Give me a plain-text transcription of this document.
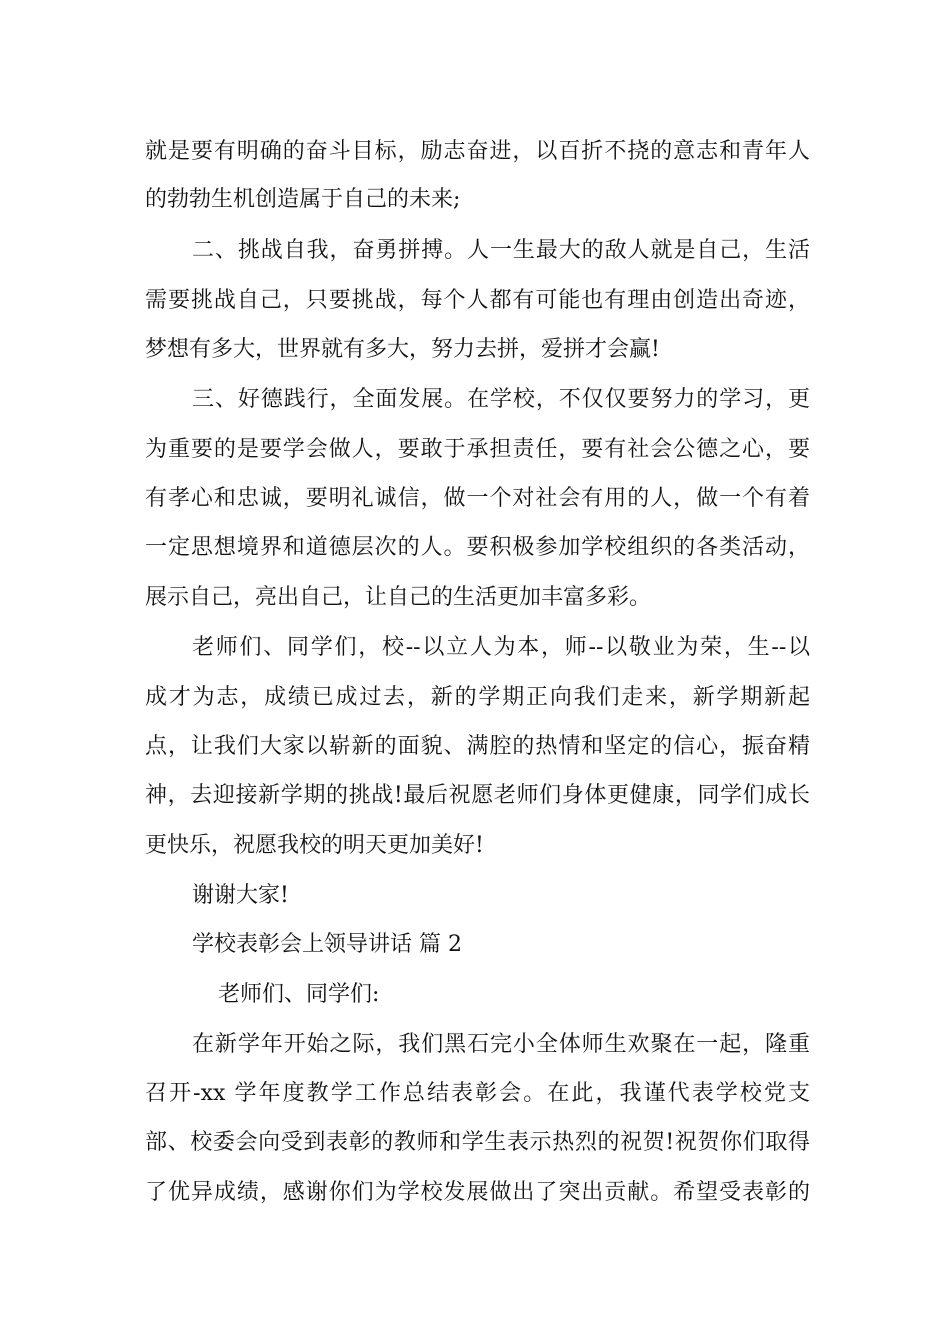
就是要有明确的奋斗目标，励志奋进，以百折不挠的意志和青年人
的勃勃生机创造属于自己的未来;
二、挑战自我，奋勇拼搏。人一生最大的敌人就是自己，生活
需要挑战自己，只要挑战，每个人都有可能也有理由创造出奇迹，
梦想有多大，世界就有多大，努力去拼，爱拼才会赢!
三、好德践行，全面发展。在学校，不仅仅要努力的学习，更
为重要的是要学会做人，要敢于承担责任，要有社会公德之心，要
有孝心和忠诚，要明礼诚信，做一个对社会有用的人，做一个有着
一定思想境界和道德层次的人。要积极参加学校组织的各类活动，
展示自己，亮出自己，让自己的生活更加丰富多彩。
老师们、同学们，校--以立人为本，师--以敬业为荣，生--以
成才为志，成绩已成过去，新的学期正向我们走来，新学期新起
点，让我们大家以崭新的面貌、满腔的热情和坚定的信心，振奋精
神，去迎接新学期的挑战!最后祝愿老师们身体更健康，同学们成长
更快乐，祝愿我校的明天更加美好!
谢谢大家!
学校表彰会上领导讲话 篇 2
老师们、同学们:
在新学年开始之际，我们黑石完小全体师生欢聚在一起，隆重
召开-xx 学年度教学工作总结表彰会。在此，我谨代表学校党支
部、校委会向受到表彰的教师和学生表示热烈的祝贺!祝贺你们取得
了优异成绩，感谢你们为学校发展做出了突出贡献。希望受表彰的
